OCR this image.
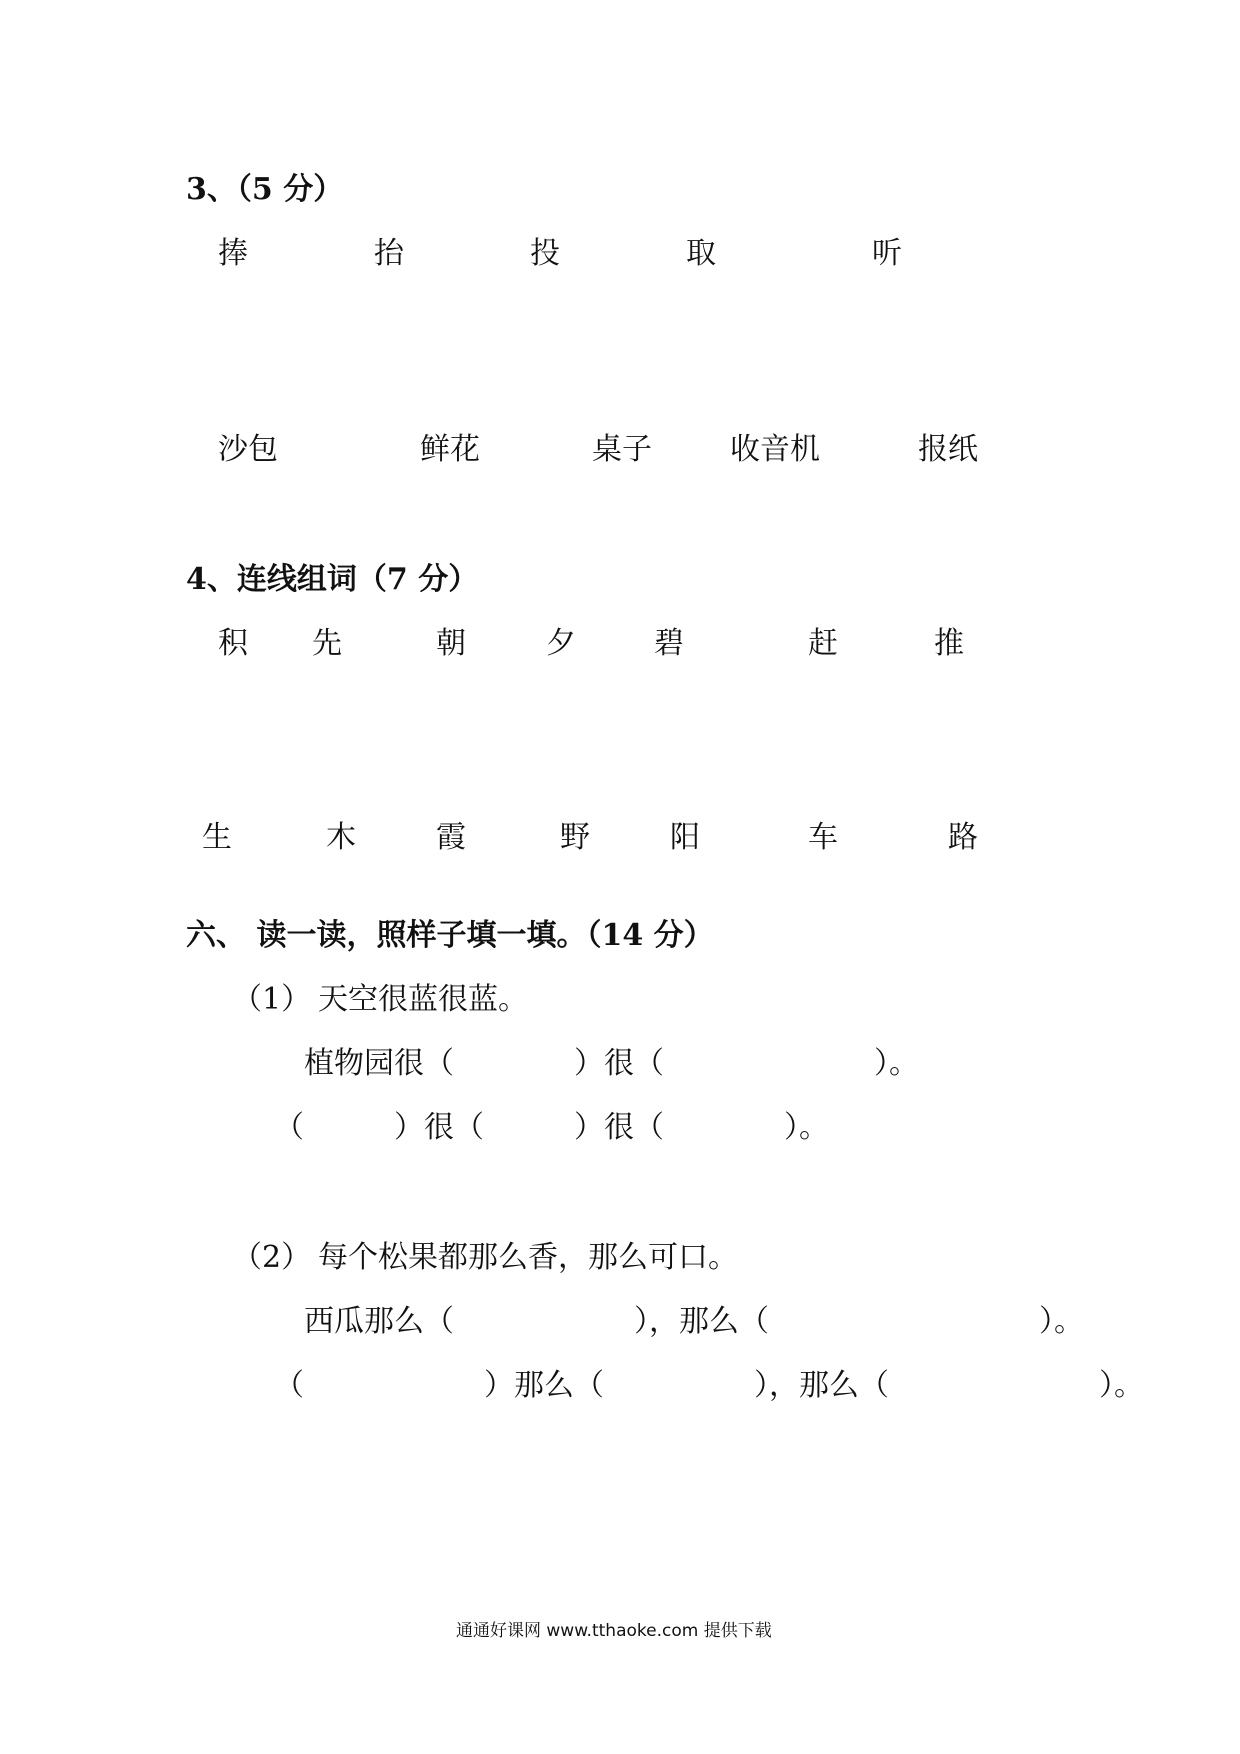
3、（5 分）
捧	抬	投	取	听
沙包	鲜花	桌子	收音机	报纸
4、连线组词（7 分）
积 先	朝	夕	碧	赶	推
生	木	霞	野	阳	车	路
六、 读一读，照样子填一填。（14 分）
（1） 天空很蓝很蓝。
植物园很（　　　　）很（　　　　　　　）。
（　　　）很（　　　）很（　　　　）。
（2） 每个松果都那么香，那么可口。
西瓜那么（　　　　　　），那么（　　　　　　　　　）。
（　　　　　　）那么（　　　　　），那么（　　　　　　　）。
通通好课网 www.tthaoke.com 提供下载
